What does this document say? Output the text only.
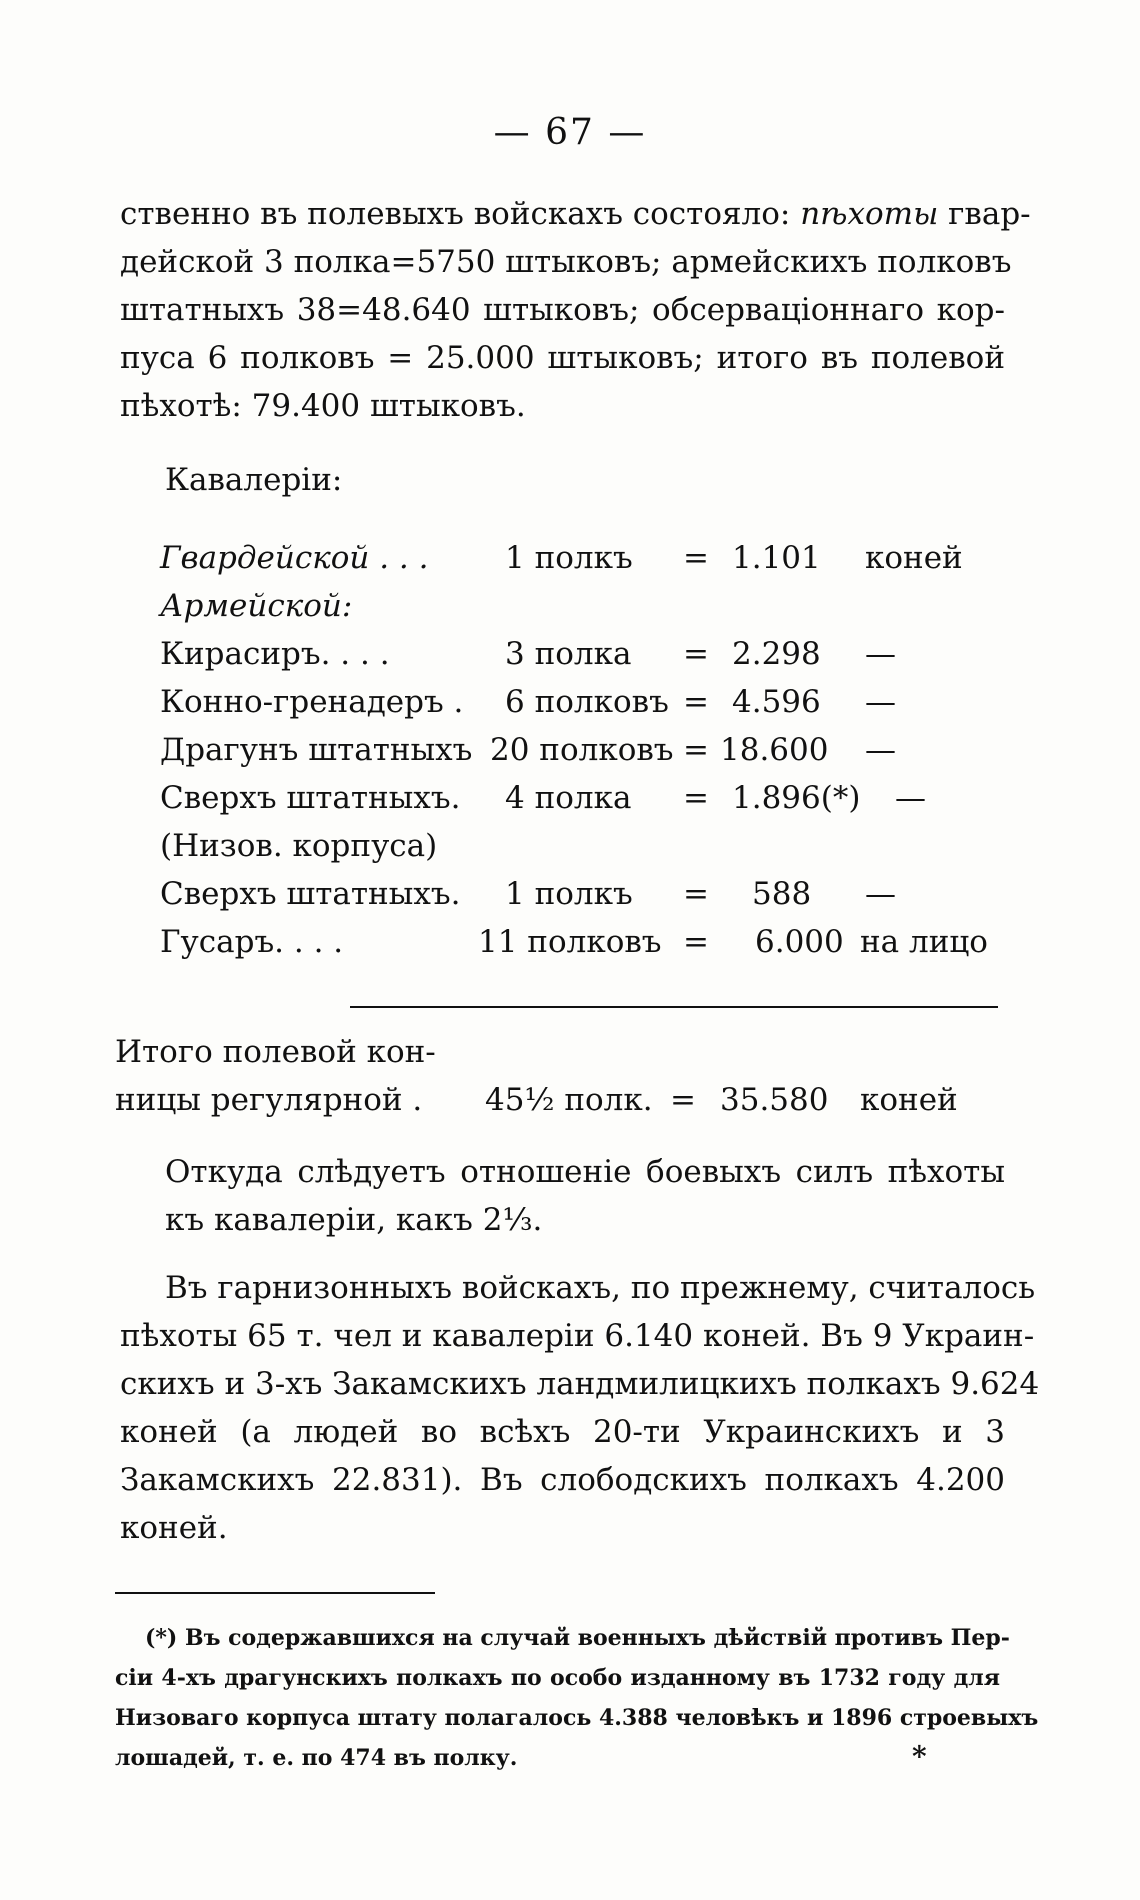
— 67 —
ственно въ полевыхъ войскахъ состояло: пѣхоты гвар-
дейской 3 полка=5750 штыковъ; армейскихъ полковъ
штатныхъ 38=48.640 штыковъ; обсерваціоннаго кор-
пуса 6 полковъ = 25.000 штыковъ; итого въ полевой
пѣхотѣ: 79.400 штыковъ.
Кавалеріи:
Гвардейской . . . 1 полкъ = 1.101 коней
Армейской:
Кирасиръ. . . .	3 полка = 2.298 —
Конно-гренадеръ . 6 полковъ = 4.596 —
Драгунъ штатныхъ 20 полковъ = 18.600 —
Сверхъ штатныхъ. 4 полка = 1.896(*) —
(Низов. корпуса)
Сверхъ штатныхъ. 1 полкъ = 588 —
Гусаръ. . . .	11 полковъ = 6.000 на лицо
Итого полевой кон-
ницы регулярной . 45½ полк. = 35.580 коней
Откуда слѣдуетъ отношеніе боевыхъ силъ пѣхоты
къ кавалеріи, какъ 2⅓.
Въ гарнизонныхъ войскахъ, по прежнему, считалось
пѣхоты 65 т. чел и кавалеріи 6.140 коней. Въ 9 Украин-
скихъ и 3-хъ Закамскихъ ландмилицкихъ полкахъ 9.624
коней (а людей во всѣхъ 20-ти Украинскихъ и 3
Закамскихъ 22.831). Въ слободскихъ полкахъ 4.200
коней.
(*) Въ содержавшихся на случай военныхъ дѣйствій противъ Пер-
сіи 4-хъ драгунскихъ полкахъ по особо изданному въ 1732 году для
Низоваго корпуса штату полагалось 4.388 человѣкъ и 1896 строевыхъ
лошадей, т. е. по 474 въ полку.	*
